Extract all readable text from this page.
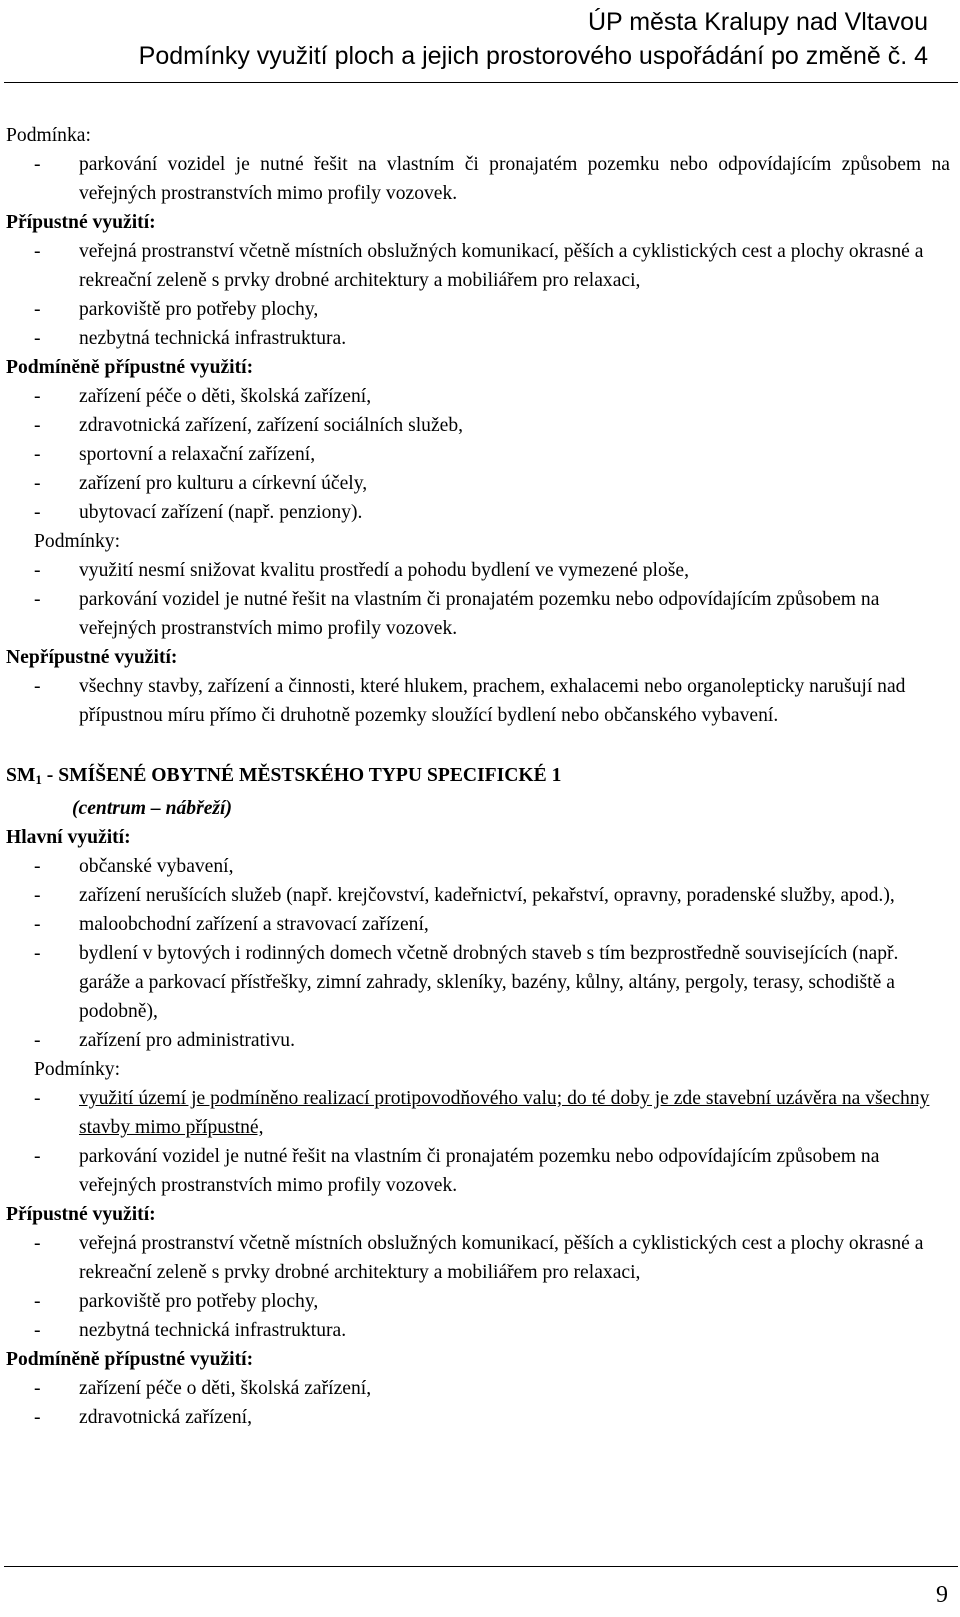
ÚP města Kralupy nad Vltavou
Podmínky využití ploch a jejich prostorového uspořádání po změně č. 4
Podmínka:
- parkování vozidel je nutné řešit na vlastním či pronajatém pozemku nebo odpovídajícím způsobem na veřejných prostranstvích mimo profily vozovek.
Přípustné využití:
- veřejná prostranství včetně místních obslužných komunikací, pěších a cyklistických cest a plochy okrasné a rekreační zeleně s prvky drobné architektury a mobiliářem pro relaxaci,
- parkoviště pro potřeby plochy,
- nezbytná technická infrastruktura.
Podmíněně přípustné využití:
- zařízení péče o děti, školská zařízení,
- zdravotnická zařízení, zařízení sociálních služeb,
- sportovní a relaxační zařízení,
- zařízení pro kulturu a církevní účely,
- ubytovací zařízení (např. penziony).
Podmínky:
- využití nesmí snižovat kvalitu prostředí a pohodu bydlení ve vymezené ploše,
- parkování vozidel je nutné řešit na vlastním či pronajatém pozemku nebo odpovídajícím způsobem na veřejných prostranstvích mimo profily vozovek.
Nepřípustné využití:
- všechny stavby, zařízení a činnosti, které hlukem, prachem, exhalacemi nebo organolepticky narušují nad přípustnou míru přímo či druhotně pozemky sloužící bydlení nebo občanského vybavení.
$SM_1$ - SMÍŠENÉ OBYTNÉ MĚSTSKÉHO TYPU SPECIFICKÉ 1
(centrum – nábřeží)
Hlavní využití:
- občanské vybavení,
- zařízení nerušících služeb (např. krejčovství, kadeřnictví, pekařství, opravny, poradenské služby, apod.),
- maloobchodní zařízení a stravovací zařízení,
- bydlení v bytových i rodinných domech včetně drobných staveb s tím bezprostředně souvisejících (např. garáže a parkovací přístřešky, zimní zahrady, skleníky, bazény, kůlny, altány, pergoly, terasy, schodiště a podobně),
- zařízení pro administrativu.
Podmínky:
- využití území je podmíněno realizací protipovodňového valu; do té doby je zde stavební uzávěra na všechny stavby mimo přípustné,
- parkování vozidel je nutné řešit na vlastním či pronajatém pozemku nebo odpovídajícím způsobem na veřejných prostranstvích mimo profily vozovek.
Přípustné využití:
- veřejná prostranství včetně místních obslužných komunikací, pěších a cyklistických cest a plochy okrasné a rekreační zeleně s prvky drobné architektury a mobiliářem pro relaxaci,
- parkoviště pro potřeby plochy,
- nezbytná technická infrastruktura.
Podmíněně přípustné využití:
- zařízení péče o děti, školská zařízení,
- zdravotnická zařízení,
9
